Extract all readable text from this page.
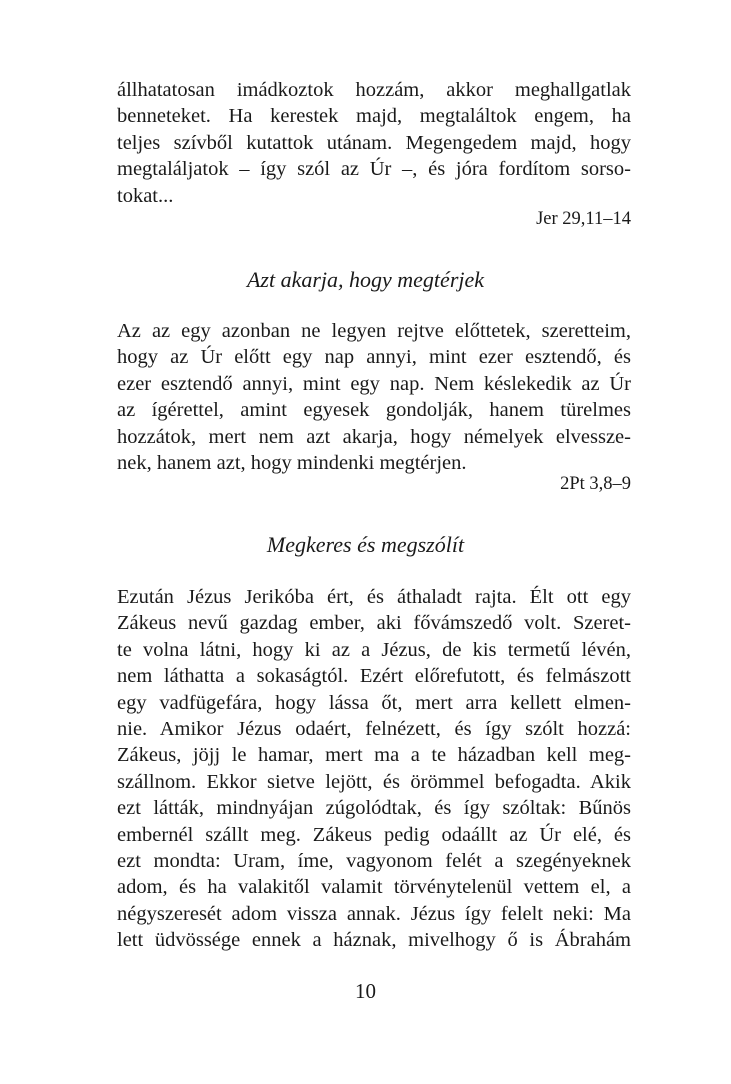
állhatatosan imádkoztok hozzám, akkor meghallgatlak
benneteket. Ha kerestek majd, megtaláltok engem, ha
teljes szívből kutattok utánam. Megengedem majd, hogy
megtaláljatok – így szól az Úr –, és jóra fordítom sorso-
tokat...
Jer 29,11–14
Azt akarja, hogy megtérjek
Az az egy azonban ne legyen rejtve előttetek, szeretteim,
hogy az Úr előtt egy nap annyi, mint ezer esztendő, és
ezer esztendő annyi, mint egy nap. Nem késlekedik az Úr
az ígérettel, amint egyesek gondolják, hanem türelmes
hozzátok, mert nem azt akarja, hogy némelyek elvessze-
nek, hanem azt, hogy mindenki megtérjen.
2Pt 3,8–9
Megkeres és megszólít
Ezután Jézus Jerikóba ért, és áthaladt rajta. Élt ott egy
Zákeus nevű gazdag ember, aki fővámszedő volt. Szeret-
te volna látni, hogy ki az a Jézus, de kis termetű lévén,
nem láthatta a sokaságtól. Ezért előrefutott, és felmászott
egy vadfügefára, hogy lássa őt, mert arra kellett elmen-
nie. Amikor Jézus odaért, felnézett, és így szólt hozzá:
Zákeus, jöjj le hamar, mert ma a te házadban kell meg-
szállnom. Ekkor sietve lejött, és örömmel befogadta. Akik
ezt látták, mindnyájan zúgolódtak, és így szóltak: Bűnös
embernél szállt meg. Zákeus pedig odaállt az Úr elé, és
ezt mondta: Uram, íme, vagyonom felét a szegényeknek
adom, és ha valakitől valamit törvénytelenül vettem el, a
négyszeresét adom vissza annak. Jézus így felelt neki: Ma
lett üdvössége ennek a háznak, mivelhogy ő is Ábrahám
10
